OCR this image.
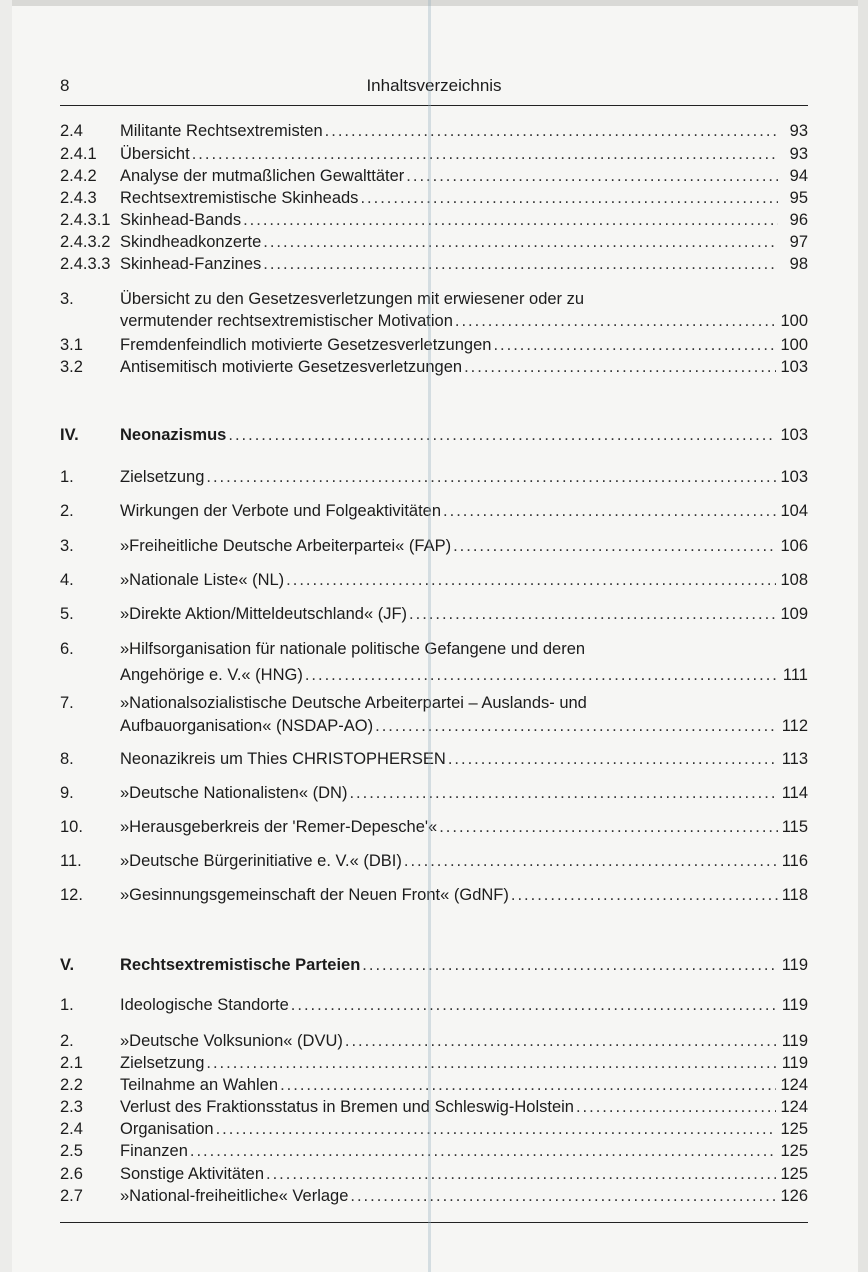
8	Inhaltsverzeichnis
2.4	Militante Rechtsextremisten .....	93
2.4.1	Übersicht .....	93
2.4.2	Analyse der mutmaßlichen Gewalttäter .....	94
2.4.3	Rechtsextremistische Skinheads .....	95
2.4.3.1 Skinhead-Bands .....	96
2.4.3.2 Skindheadkonzerte .....	97
2.4.3.3 Skinhead-Fanzines .....	98
3.	Übersicht zu den Gesetzesverletzungen mit erwiesener oder zu
vermutender rechtsextremistischer Motivation .....	100
3.1	Fremdenfeindlich motivierte Gesetzesverletzungen .....	100
3.2	Antisemitisch motivierte Gesetzesverletzungen .....	103
IV.	Neonazismus .....	103
1.	Zielsetzung .....	103
2.	Wirkungen der Verbote und Folgeaktivitäten .....	104
3.	»Freiheitliche Deutsche Arbeiterpartei« (FAP) .....	106
4.	»Nationale Liste« (NL) .....	108
5.	»Direkte Aktion/Mitteldeutschland« (JF) .....	109
6.	»Hilfsorganisation für nationale politische Gefangene und deren
Angehörige e. V.« (HNG) .....	111
7.	»Nationalsozialistische Deutsche Arbeiterpartei – Auslands- und
Aufbauorganisation« (NSDAP-AO) .....	112
8.	Neonazikreis um Thies CHRISTOPHERSEN .....	113
9.	»Deutsche Nationalisten« (DN) .....	114
10.	»Herausgeberkreis der 'Remer-Depesche'« .....	115
11.	»Deutsche Bürgerinitiative e. V.« (DBI) .....	116
12.	»Gesinnungsgemeinschaft der Neuen Front« (GdNF) .....	118
V.	Rechtsextremistische Parteien .....	119
1.	Ideologische Standorte .....	119
2.	»Deutsche Volksunion« (DVU) .....	119
2.1	Zielsetzung .....	119
2.2	Teilnahme an Wahlen .....	124
2.3	Verlust des Fraktionsstatus in Bremen und Schleswig-Holstein .....	124
2.4	Organisation .....	125
2.5	Finanzen .....	125
2.6	Sonstige Aktivitäten .....	125
2.7	»National-freiheitliche« Verlage .....	126
